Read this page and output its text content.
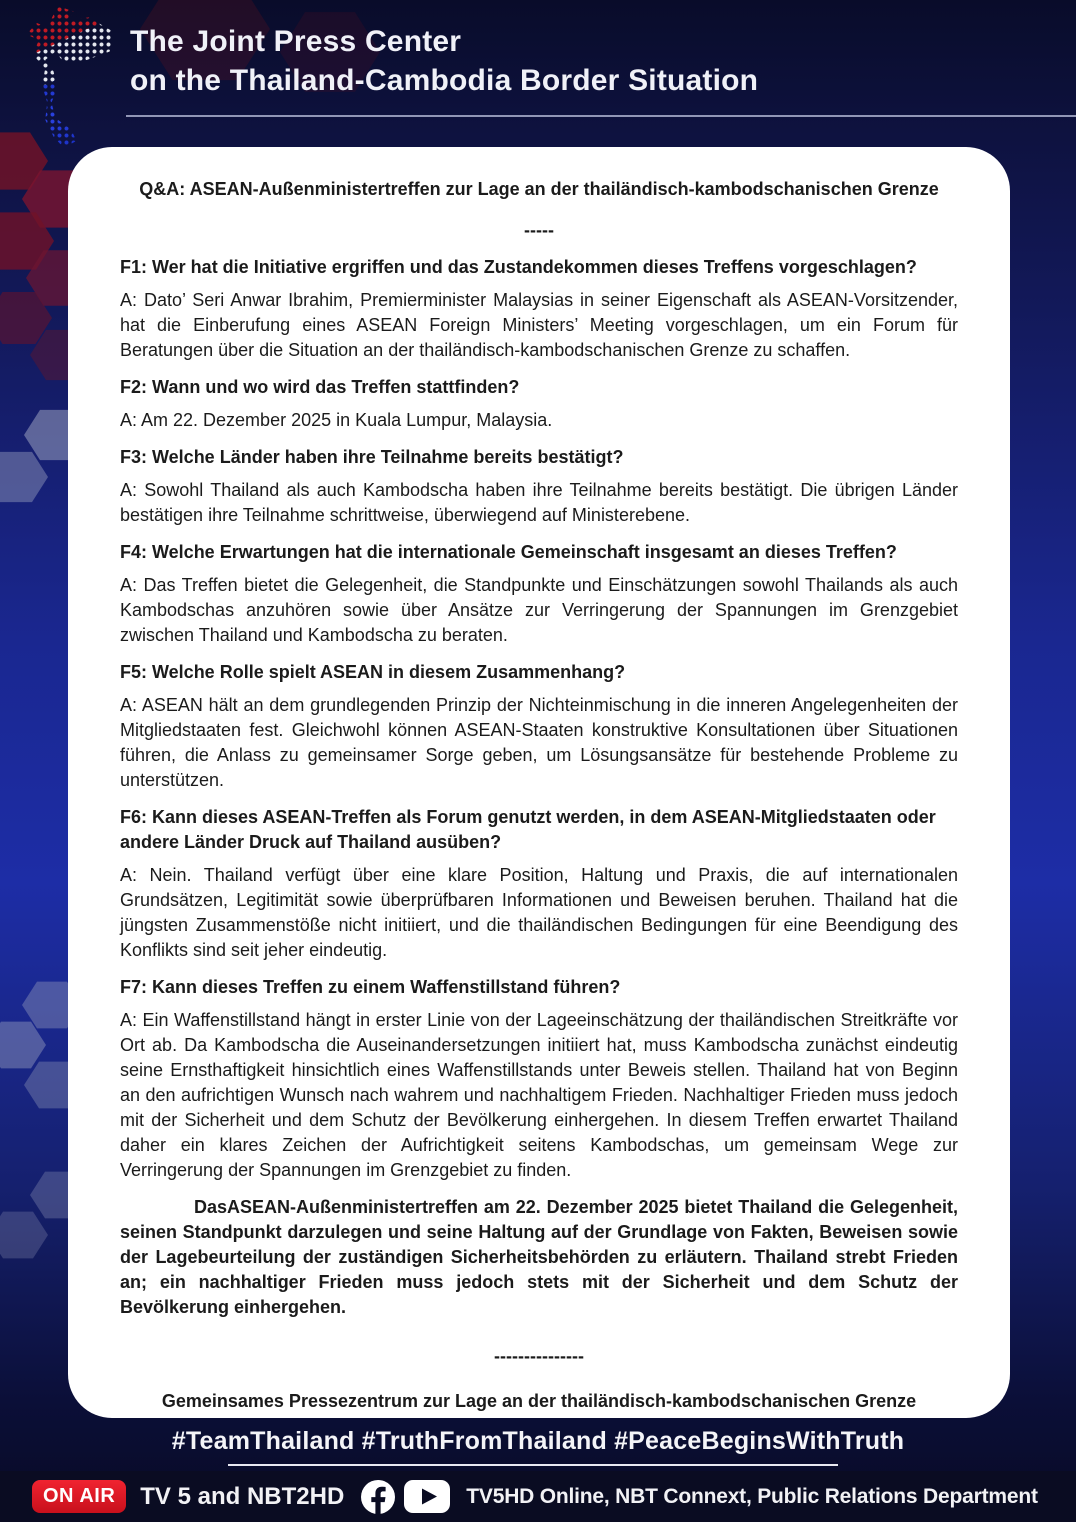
The Joint Press Center
on the Thailand-Cambodia Border Situation
Q&A: ASEAN-Außenministertreffen zur Lage an der thailändisch-kambodschanischen Grenze
-----
F1: Wer hat die Initiative ergriffen und das Zustandekommen dieses Treffens vorgeschlagen?
A: Dato’ Seri Anwar Ibrahim, Premierminister Malaysias in seiner Eigenschaft als ASEAN-Vorsitzender, hat die Einberufung eines ASEAN Foreign Ministers’ Meeting vorgeschlagen, um ein Forum für Beratungen über die Situation an der thailändisch-kambodschanischen Grenze zu schaffen.
F2: Wann und wo wird das Treffen stattfinden?
A: Am 22. Dezember 2025 in Kuala Lumpur, Malaysia.
F3: Welche Länder haben ihre Teilnahme bereits bestätigt?
A: Sowohl Thailand als auch Kambodscha haben ihre Teilnahme bereits bestätigt. Die übrigen Länder bestätigen ihre Teilnahme schrittweise, überwiegend auf Ministerebene.
F4: Welche Erwartungen hat die internationale Gemeinschaft insgesamt an dieses Treffen?
A: Das Treffen bietet die Gelegenheit, die Standpunkte und Einschätzungen sowohl Thailands als auch Kambodschas anzuhören sowie über Ansätze zur Verringerung der Spannungen im Grenzgebiet zwischen Thailand und Kambodscha zu beraten.
F5: Welche Rolle spielt ASEAN in diesem Zusammenhang?
A: ASEAN hält an dem grundlegenden Prinzip der Nichteinmischung in die inneren Angelegenheiten der Mitgliedstaaten fest. Gleichwohl können ASEAN-Staaten konstruktive Konsultationen über Situationen führen, die Anlass zu gemeinsamer Sorge geben, um Lösungsansätze für bestehende Probleme zu unterstützen.
F6: Kann dieses ASEAN-Treffen als Forum genutzt werden, in dem ASEAN-Mitgliedstaaten oder andere Länder Druck auf Thailand ausüben?
A: Nein. Thailand verfügt über eine klare Position, Haltung und Praxis, die auf internationalen Grundsätzen, Legitimität sowie überprüfbaren Informationen und Beweisen beruhen. Thailand hat die jüngsten Zusammenstöße nicht initiiert, und die thailändischen Bedingungen für eine Beendigung des Konflikts sind seit jeher eindeutig.
F7: Kann dieses Treffen zu einem Waffenstillstand führen?
A: Ein Waffenstillstand hängt in erster Linie von der Lageeinschätzung der thailändischen Streitkräfte vor Ort ab. Da Kambodscha die Auseinandersetzungen initiiert hat, muss Kambodscha zunächst eindeutig seine Ernsthaftigkeit hinsichtlich eines Waffenstillstands unter Beweis stellen. Thailand hat von Beginn an den aufrichtigen Wunsch nach wahrem und nachhaltigem Frieden. Nachhaltiger Frieden muss jedoch mit der Sicherheit und dem Schutz der Bevölkerung einhergehen. In diesem Treffen erwartet Thailand daher ein klares Zeichen der Aufrichtigkeit seitens Kambodschas, um gemeinsam Wege zur Verringerung der Spannungen im Grenzgebiet zu finden.
DasASEAN-Außenministertreffen am 22. Dezember 2025 bietet Thailand die Gelegenheit, seinen Standpunkt darzulegen und seine Haltung auf der Grundlage von Fakten, Beweisen sowie der Lagebeurteilung der zuständigen Sicherheitsbehörden zu erläutern. Thailand strebt Frieden an; ein nachhaltiger Frieden muss jedoch stets mit der Sicherheit und dem Schutz der Bevölkerung einhergehen.
---------------
Gemeinsames Pressezentrum zur Lage an der thailändisch-kambodschanischen Grenze
#TeamThailand #TruthFromThailand #PeaceBeginsWithTruth
ON AIR	TV 5 and NBT2HD	TV5HD Online, NBT Connext, Public Relations Department
